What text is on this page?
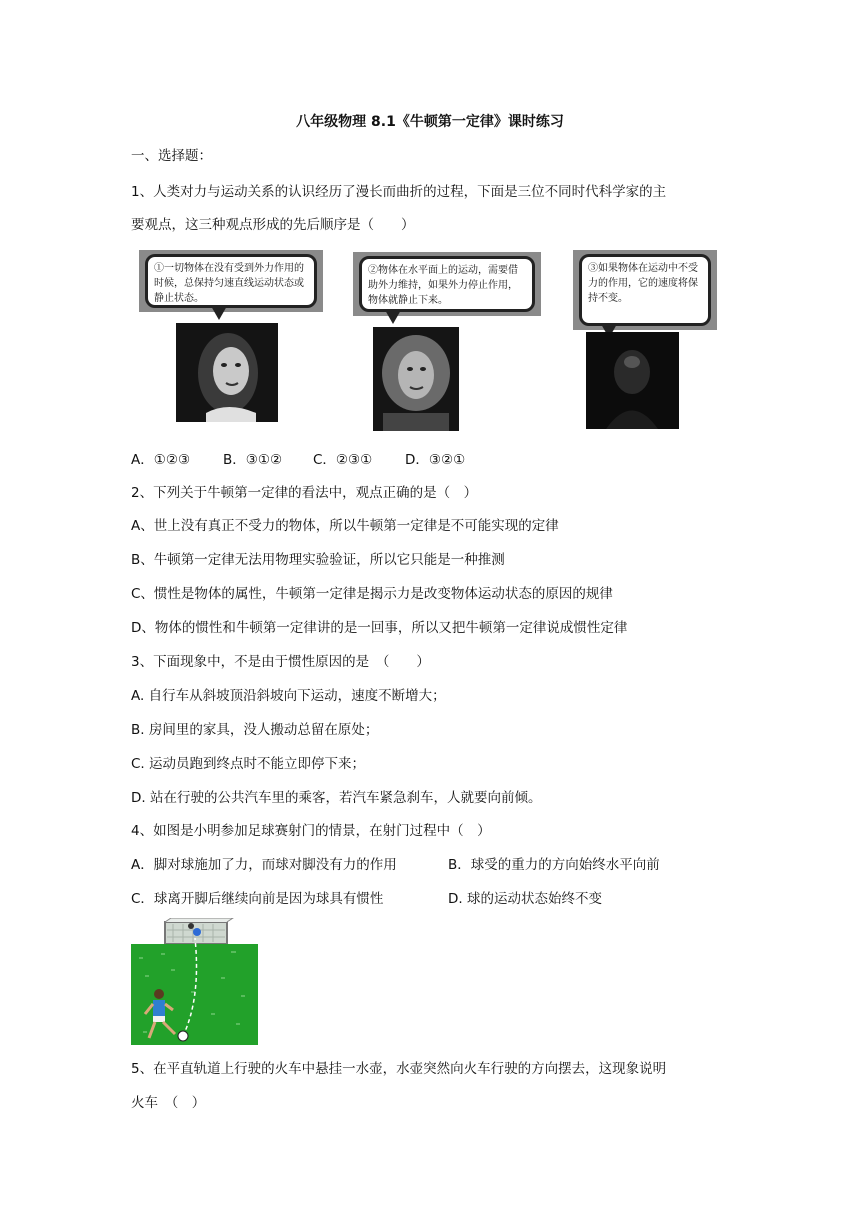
八年级物理 8.1《牛顿第一定律》课时练习
一、选择题：
1、人类对力与运动关系的认识经历了漫长而曲折的过程，下面是三位不同时代科学家的主
要观点，这三种观点形成的先后顺序是（　　）
①一切物体在没有受到外力作用的时候，总保持匀速直线运动状态或静止状态。
②物体在水平面上的运动，需要借助外力维持，如果外力停止作用，物体就静止下来。
③如果物体在运动中不受力的作用，它的速度将保持不变。
A．①②③ B．③①② C．②③① D．③②①
2、下列关于牛顿第一定律的看法中，观点正确的是（　）
A、世上没有真正不受力的物体，所以牛顿第一定律是不可能实现的定律
B、牛顿第一定律无法用物理实验验证，所以它只能是一种推测
C、惯性是物体的属性，牛顿第一定律是揭示力是改变物体运动状态的原因的规律
D、物体的惯性和牛顿第一定律讲的是一回事，所以又把牛顿第一定律说成惯性定律
3、下面现象中，不是由于惯性原因的是　（　　）
A. 自行车从斜坡顶沿斜坡向下运动，速度不断增大；
B. 房间里的家具，没人搬动总留在原处；
C. 运动员跑到终点时不能立即停下来；
D. 站在行驶的公共汽车里的乘客，若汽车紧急刹车，人就要向前倾。
4、如图是小明参加足球赛射门的情景，在射门过程中（　）
A．脚对球施加了力，而球对脚没有力的作用	B．球受的重力的方向始终水平向前
C．球离开脚后继续向前是因为球具有惯性	D. 球的运动状态始终不变
5、在平直轨道上行驶的火车中悬挂一水壶，水壶突然向火车行驶的方向摆去，这现象说明
火车　（　）
